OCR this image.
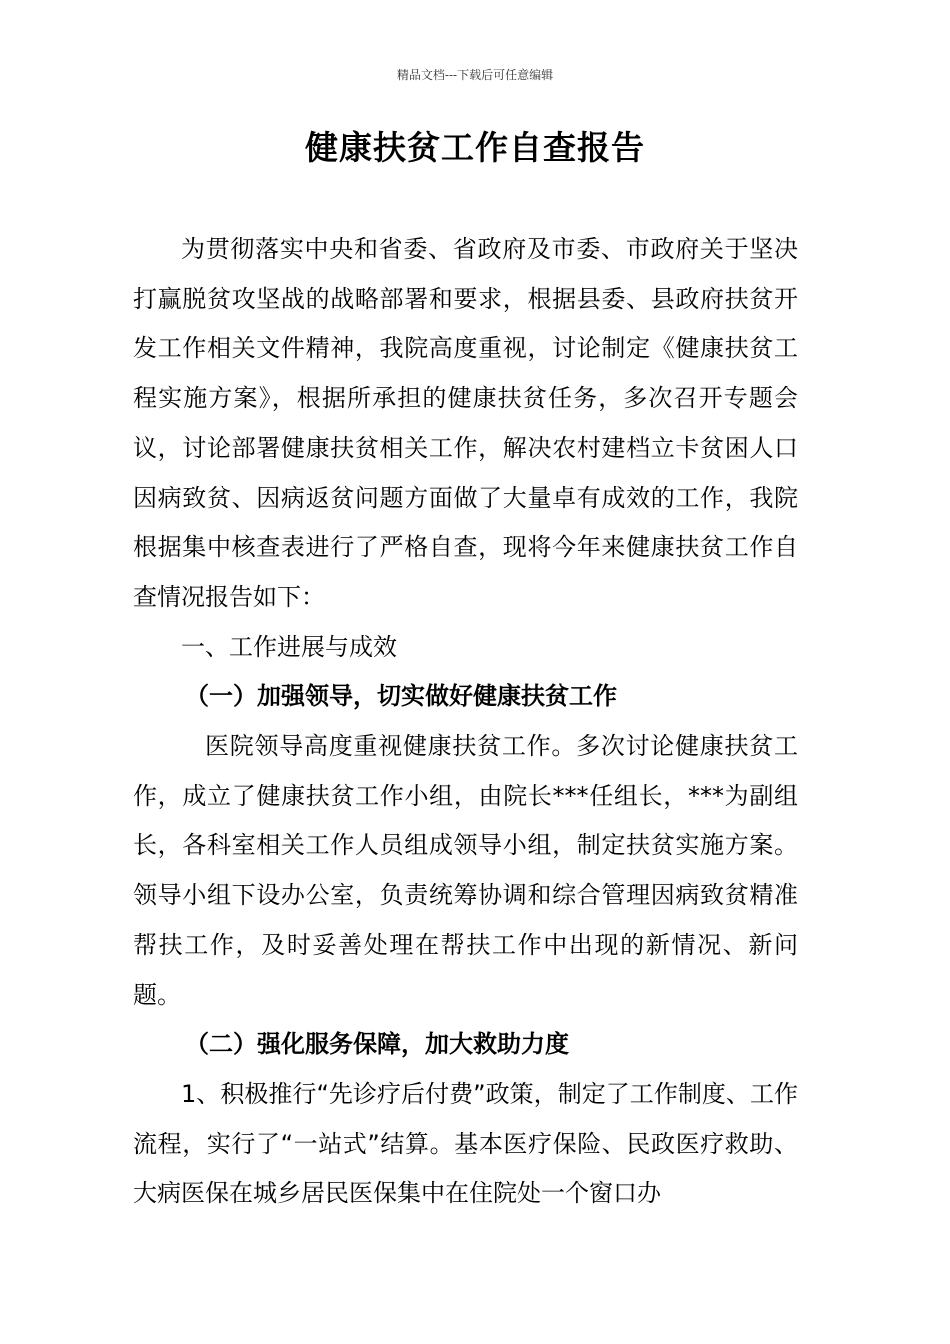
精品文档---下载后可任意编辑
健康扶贫工作自查报告

为贯彻落实中央和省委、省政府及市委、市政府关于坚决打赢脱贫攻坚战的战略部署和要求，根据县委、县政府扶贫开发工作相关文件精神，我院高度重视，讨论制定《健康扶贫工程实施方案》，根据所承担的健康扶贫任务，多次召开专题会议，讨论部署健康扶贫相关工作，解决农村建档立卡贫困人口因病致贫、因病返贫问题方面做了大量卓有成效的工作，我院根据集中核查表进行了严格自查，现将今年来健康扶贫工作自查情况报告如下：

一、工作进展与成效

（一）加强领导，切实做好健康扶贫工作

医院领导高度重视健康扶贫工作。多次讨论健康扶贫工作，成立了健康扶贫工作小组，由院长***任组长，***为副组长，各科室相关工作人员组成领导小组，制定扶贫实施方案。领导小组下设办公室，负责统筹协调和综合管理因病致贫精准帮扶工作，及时妥善处理在帮扶工作中出现的新情况、新问题。

（二）强化服务保障，加大救助力度

1、积极推行“先诊疗后付费”政策，制定了工作制度、工作流程，实行了“一站式”结算。基本医疗保险、民政医疗救助、大病医保在城乡居民医保集中在住院处一个窗口办
